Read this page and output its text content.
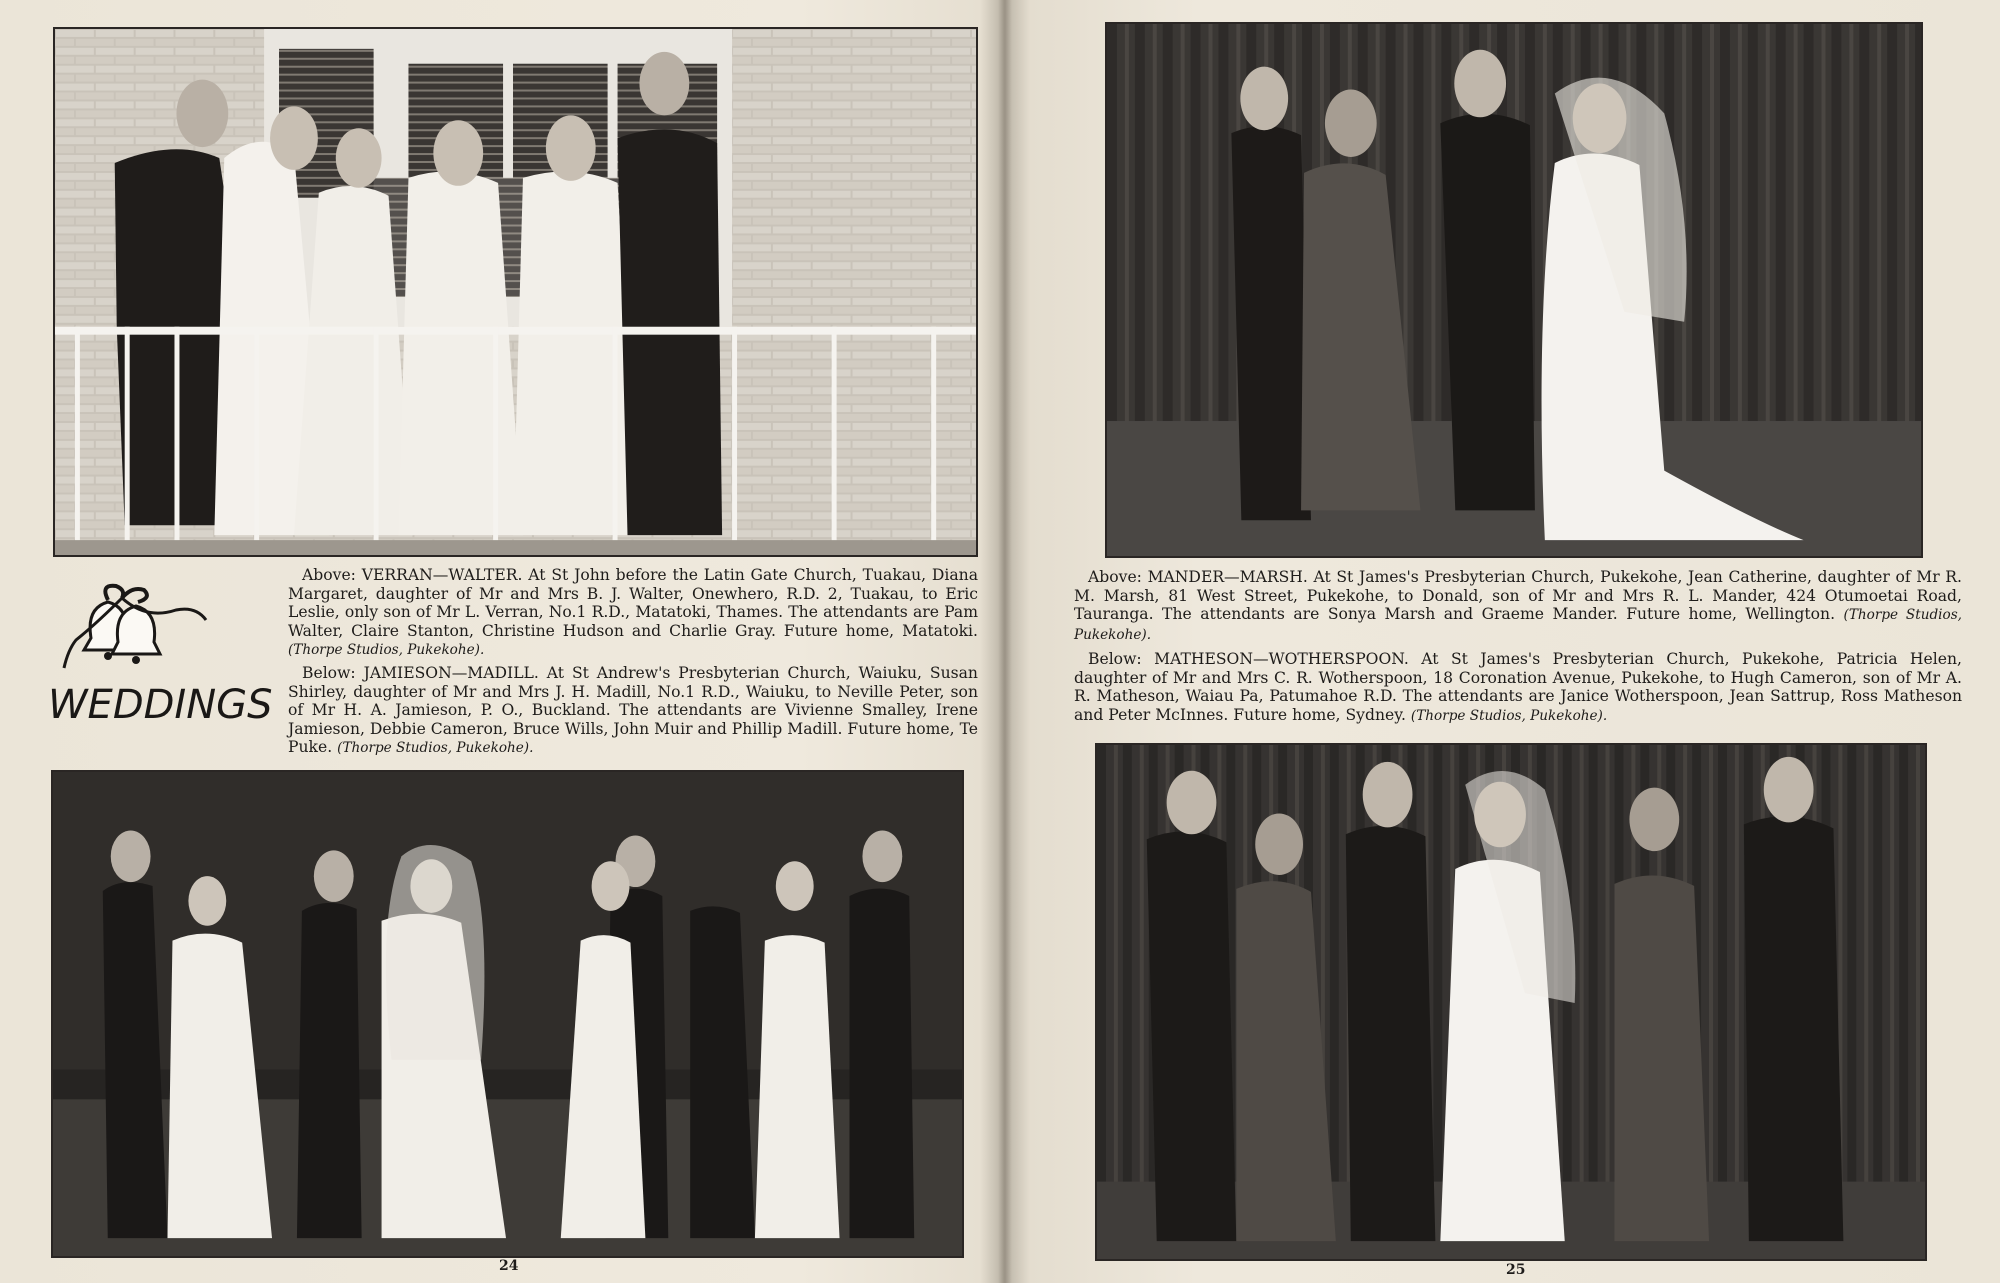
WEDDINGS

Above: VERRAN—WALTER. At St John before the Latin Gate Church, Tuakau, Diana Margaret, daughter of Mr and Mrs B. J. Walter, Onewhero, R.D. 2, Tuakau, to Eric Leslie, only son of Mr L. Verran, No.1 R.D., Matatoki, Thames. The attendants are Pam Walter, Claire Stanton, Christine Hudson and Charlie Gray. Future home, Matatoki. (Thorpe Studios, Pukekohe).

Below: JAMIESON—MADILL. At St Andrew's Presbyterian Church, Waiuku, Susan Shirley, daughter of Mr and Mrs J. H. Madill, No.1 R.D., Waiuku, to Neville Peter, son of Mr H. A. Jamieson, P. O., Buckland. The attendants are Vivienne Smalley, Irene Jamieson, Debbie Cameron, Bruce Wills, John Muir and Phillip Madill. Future home, Te Puke. (Thorpe Studios, Pukekohe).

24

Above: MANDER—MARSH. At St James's Presbyterian Church, Pukekohe, Jean Catherine, daughter of Mr R. M. Marsh, 81 West Street, Pukekohe, to Donald, son of Mr and Mrs R. L. Mander, 424 Otumoetai Road, Tauranga. The attendants are Sonya Marsh and Graeme Mander. Future home, Wellington. (Thorpe Studios, Pukekohe).

Below: MATHESON—WOTHERSPOON. At St James's Presbyterian Church, Pukekohe, Patricia Helen, daughter of Mr and Mrs C. R. Wotherspoon, 18 Coronation Avenue, Pukekohe, to Hugh Cameron, son of Mr A. R. Matheson, Waiau Pa, Patumahoe R.D. The attendants are Janice Wotherspoon, Jean Sattrup, Ross Matheson and Peter McInnes. Future home, Sydney. (Thorpe Studios, Pukekohe).

25
